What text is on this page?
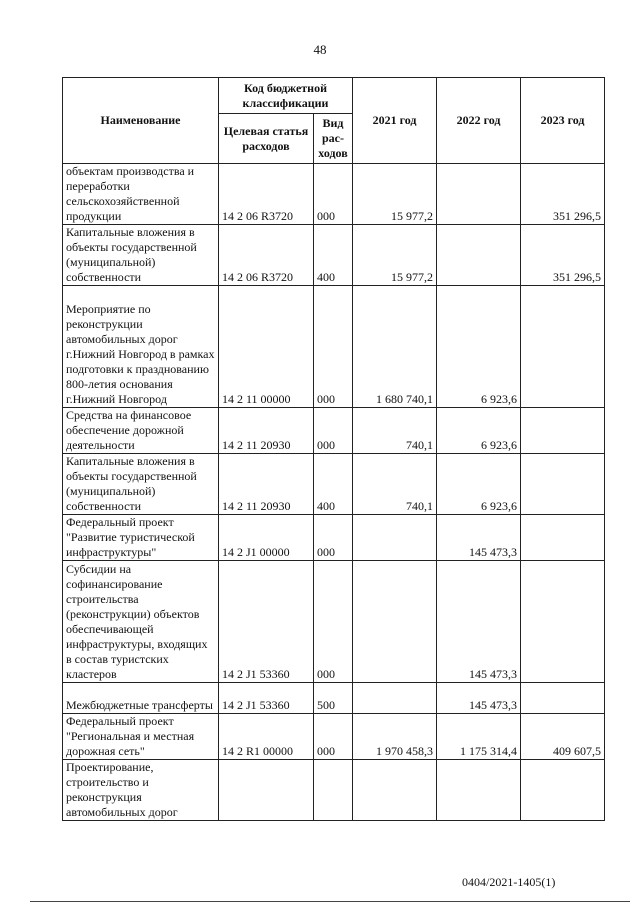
48
Наименование	Код бюджетной классификации		2021 год	2022 год	2023 год
	Целевая статья расходов	Вид рас-ходов			
объектам производства и переработки сельскохозяйственной продукции	14 2 06 R3720	000	15 977,2		351 296,5
Капитальные вложения в объекты государственной (муниципальной) собственности	14 2 06 R3720	400	15 977,2		351 296,5
Мероприятие по реконструкции автомобильных дорог г.Нижний Новгород в рамках подготовки к празднованию 800-летия основания г.Нижний Новгород	14 2 11 00000	000	1 680 740,1	6 923,6	
Средства на финансовое обеспечение дорожной деятельности	14 2 11 20930	000	740,1	6 923,6	
Капитальные вложения в объекты государственной (муниципальной) собственности	14 2 11 20930	400	740,1	6 923,6	
Федеральный проект "Развитие туристической инфраструктуры"	14 2 J1 00000	000		145 473,3	
Субсидии на софинансирование строительства (реконструкции) объектов обеспечивающей инфраструктуры, входящих в состав туристских кластеров	14 2 J1 53360	000		145 473,3	
Межбюджетные трансферты	14 2 J1 53360	500		145 473,3	
Федеральный проект "Региональная и местная дорожная сеть"	14 2 R1 00000	000	1 970 458,3	1 175 314,4	409 607,5
Проектирование, строительство и реконструкция автомобильных дорог					
0404/2021-1405(1)
